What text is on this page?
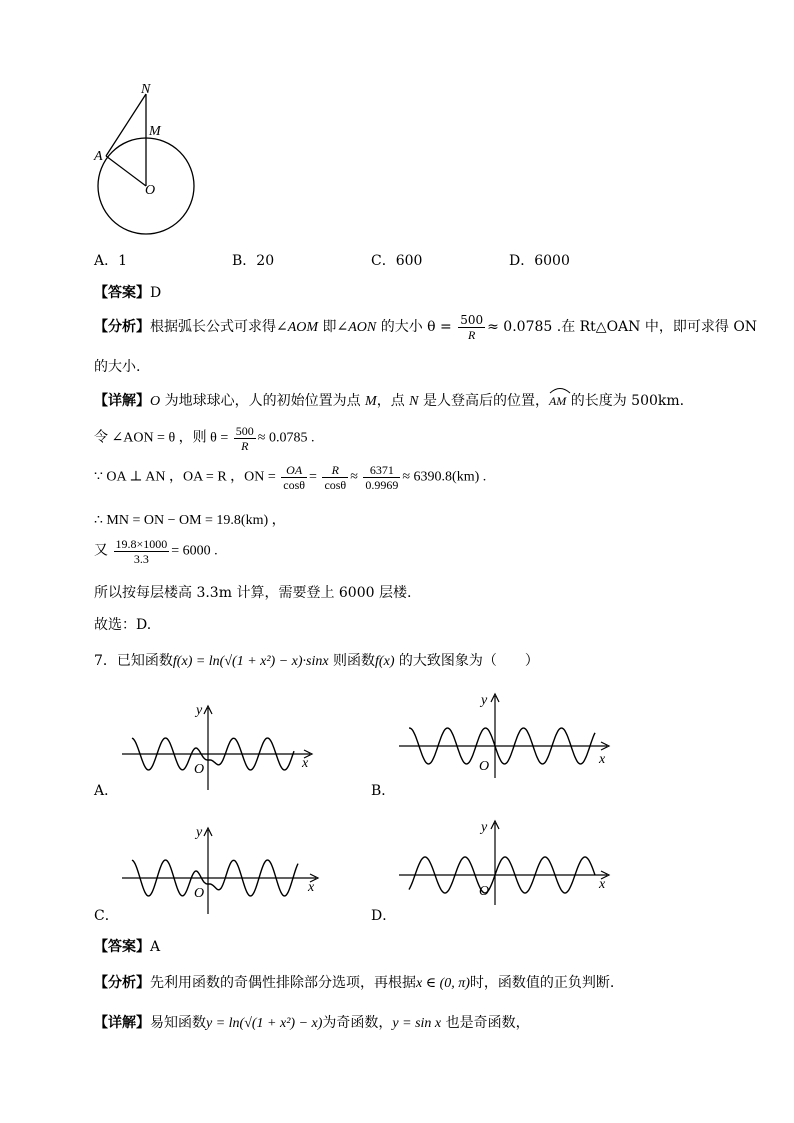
N
M
A
O
A．1	B．20	C．600	D．6000
【答案】D
【分析】根据弧长公式可求得∠AOM 即∠AON 的大小 $\theta = \frac{500}{R} \approx 0.0785$ .在 Rt△OAN 中，即可求得 ON
的大小.
【详解】O 为地球球心，人的初始位置为点 M，点 N 是人登高后的位置，
AM 的长度为 500km.
令 ∠AON = θ ，则 $\theta = \frac{500}{R} \approx 0.0785$ .
∵ OA ⊥ AN ，OA = R ，ON = $\frac{OA}{\cos\theta} = \frac{R}{\cos\theta} \approx \frac{6371}{0.9969} \approx 6390.8(km)$ .
∴ MN = ON − OM = 19.8(km) ，
又 $\frac{19.8\times 1000}{3.3} = 6000$ .
所以按每层楼高 3.3m 计算，需要登上 6000 层楼.
故选：D.
7．已知函数f(x) = ln(√(1 + x²) − x)·sinx 则函数f(x) 的大致图象为（　　）
y
x
O
A．
y
x
O
B．
y
x
O
C．
y
x
O
D．
【答案】A
【分析】先利用函数的奇偶性排除部分选项，再根据x ∈ (0, π)时，函数值的正负判断.
【详解】易知函数y = ln(√(1 + x²) − x)为奇函数，y = sin x 也是奇函数，
